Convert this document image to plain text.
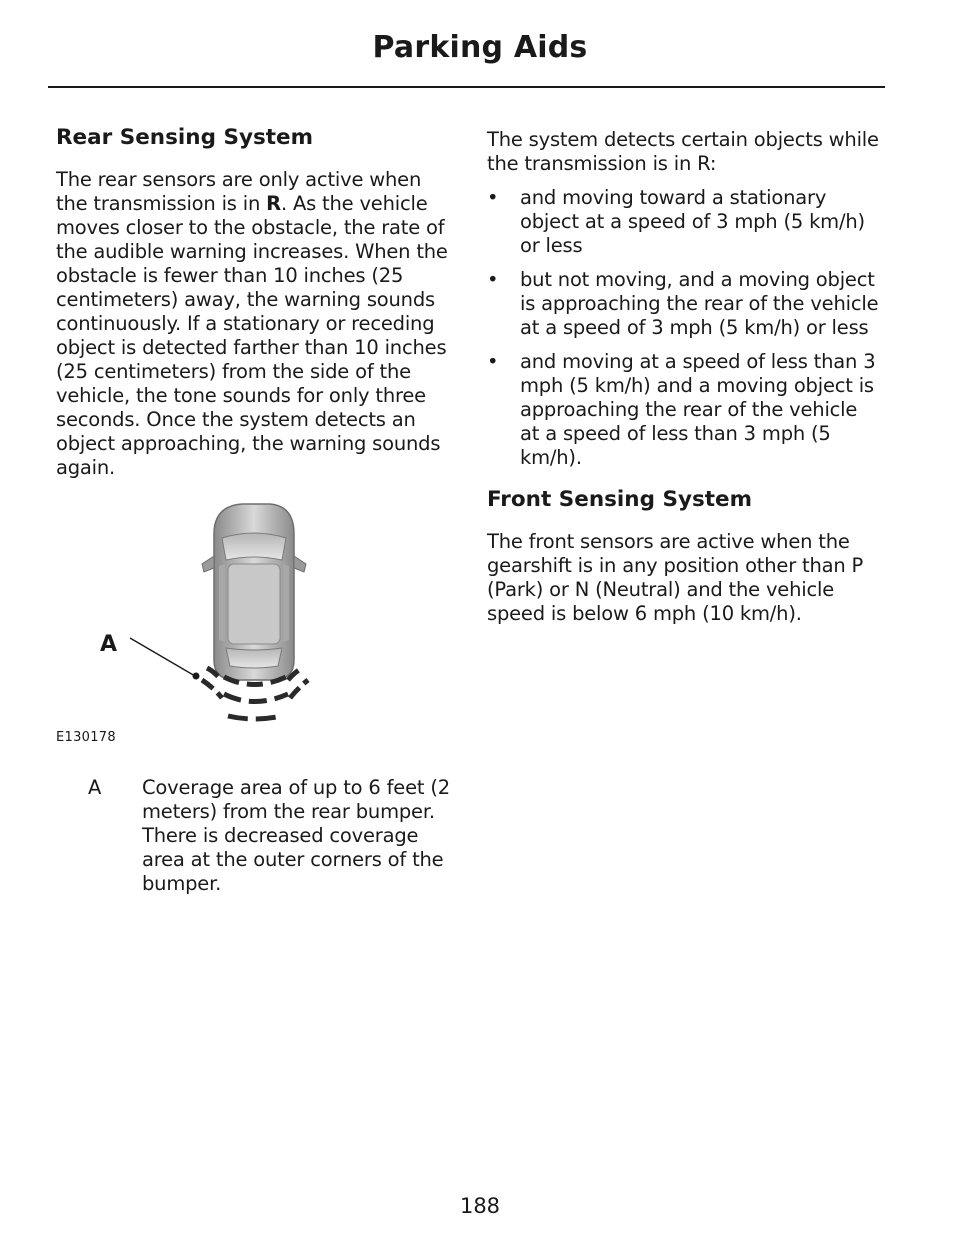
Parking Aids
Rear Sensing System

The rear sensors are only active when the transmission is in R. As the vehicle moves closer to the obstacle, the rate of the audible warning increases. When the obstacle is fewer than 10 inches (25 centimeters) away, the warning sounds continuously. If a stationary or receding object is detected farther than 10 inches (25 centimeters) from the side of the vehicle, the tone sounds for only three seconds. Once the system detects an object approaching, the warning sounds again.

A
E130178
A Coverage area of up to 6 feet (2 meters) from the rear bumper. There is decreased coverage area at the outer corners of the bumper.

The system detects certain objects while the transmission is in R:

• and moving toward a stationary object at a speed of 3 mph (5 km/h) or less
• but not moving, and a moving object is approaching the rear of the vehicle at a speed of 3 mph (5 km/h) or less
• and moving at a speed of less than 3 mph (5 km/h) and a moving object is approaching the rear of the vehicle at a speed of less than 3 mph (5 km/h).
Front Sensing System

The front sensors are active when the gearshift is in any position other than P (Park) or N (Neutral) and the vehicle speed is below 6 mph (10 km/h).

188
